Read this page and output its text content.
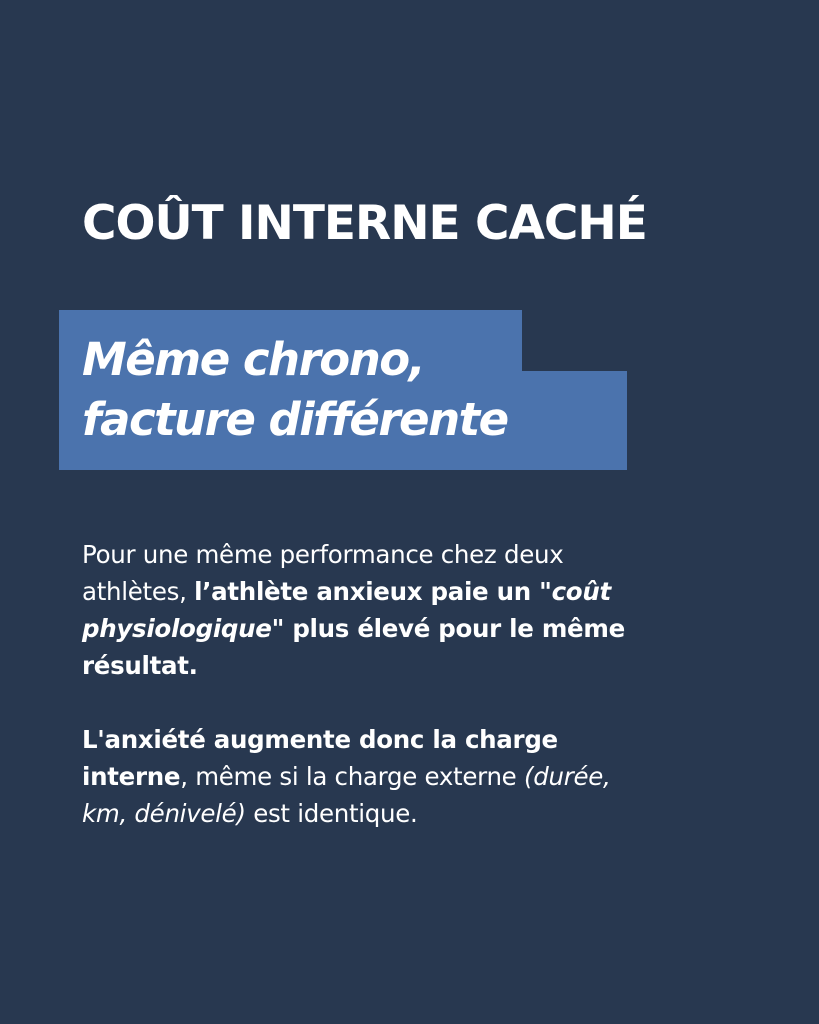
COÛT INTERNE CACHÉ
Même chrono,
facture différente
Pour une même performance chez deux
athlètes, l’athlète anxieux paie un "coût
physiologique" plus élevé pour le même
résultat.
L'anxiété augmente donc la charge
interne, même si la charge externe (durée,
km, dénivelé) est identique.
